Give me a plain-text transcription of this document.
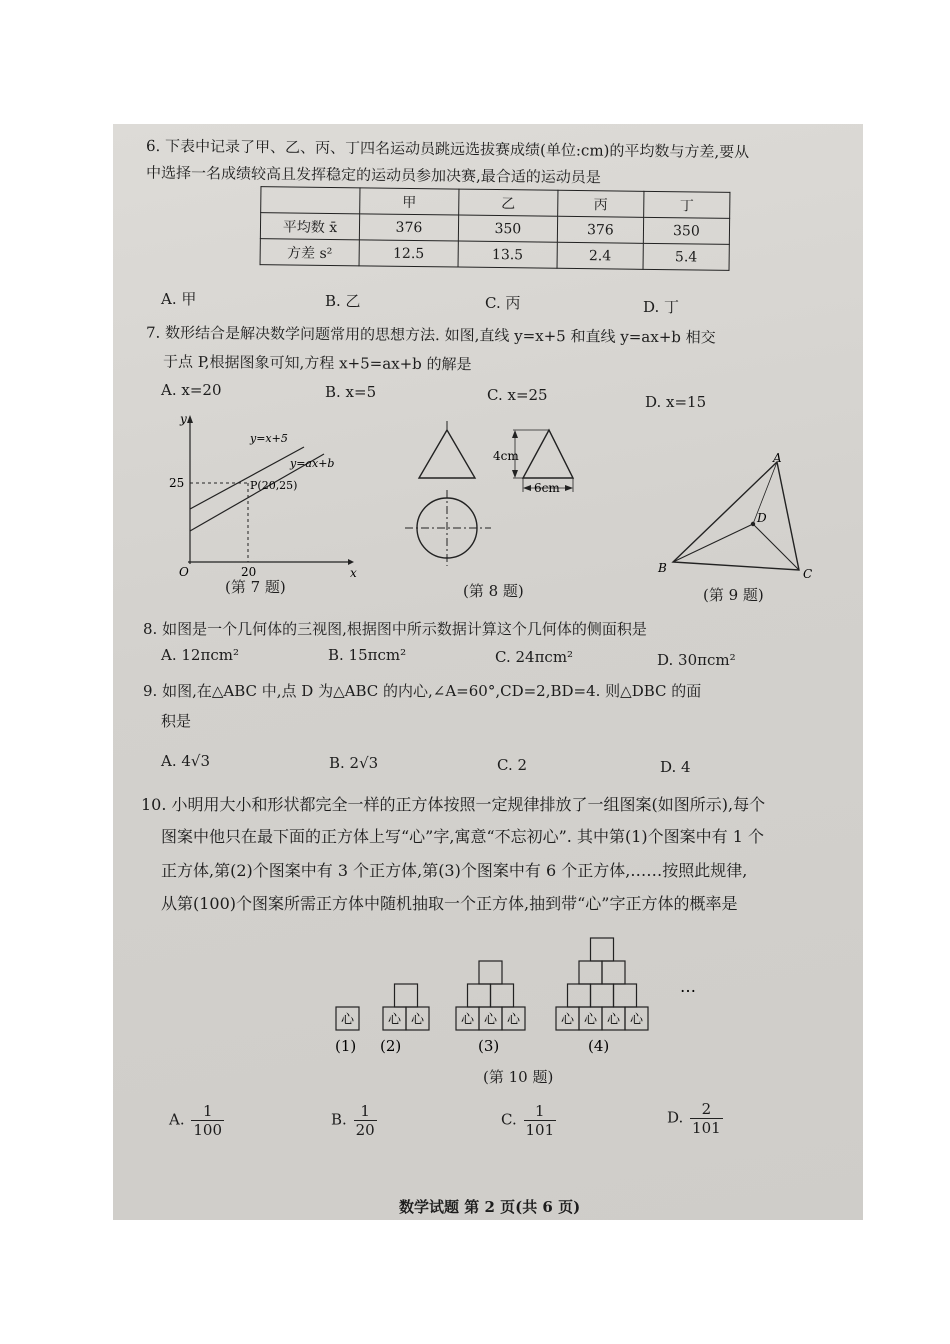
6. 下表中记录了甲、乙、丙、丁四名运动员跳远选拔赛成绩(单位:cm)的平均数与方差,要从
中选择一名成绩较高且发挥稳定的运动员参加决赛,最合适的运动员是
	甲	乙	丙	丁
平均数 x̄	376	350	376	350
方差 s²	12.5	13.5	2.4	5.4
A. 甲	B. 乙	C. 丙	D. 丁
7. 数形结合是解决数学问题常用的思想方法. 如图,直线 y=x+5 和直线 y=ax+b 相交
于点 P,根据图象可知,方程 x+5=ax+b 的解是
A. x=20	B. x=5	C. x=25	D. x=15
y
x
O	20
25
y=x+5
y=ax+b
P(20,25)
(第 7 题)
4cm
6cm
(第 8 题)
A
B	C
D
(第 9 题)
8. 如图是一个几何体的三视图,根据图中所示数据计算这个几何体的侧面积是
A. 12πcm²	B. 15πcm²	C. 24πcm²	D. 30πcm²
9. 如图,在△ABC 中,点 D 为△ABC 的内心,∠A=60°,CD=2,BD=4. 则△DBC 的面
积是
A. 4√3	B. 2√3	C. 2	D. 4
10. 小明用大小和形状都完全一样的正方体按照一定规律排放了一组图案(如图所示),每个
图案中他只在最下面的正方体上写“心”字,寓意“不忘初心”. 其中第(1)个图案中有 1 个
正方体,第(2)个图案中有 3 个正方体,第(3)个图案中有 6 个正方体,……按照此规律,
从第(100)个图案所需正方体中随机抽取一个正方体,抽到带“心”字正方体的概率是
心	心 心	心 心 心	心 心 心 心
…
(1) (2)	(3)	(4)
(第 10 题)
A. $\frac{1}{100}$	B. $\frac{1}{20}$	C. $\frac{1}{101}$	D. $\frac{2}{101}$
数学试题 第 2 页(共 6 页)
